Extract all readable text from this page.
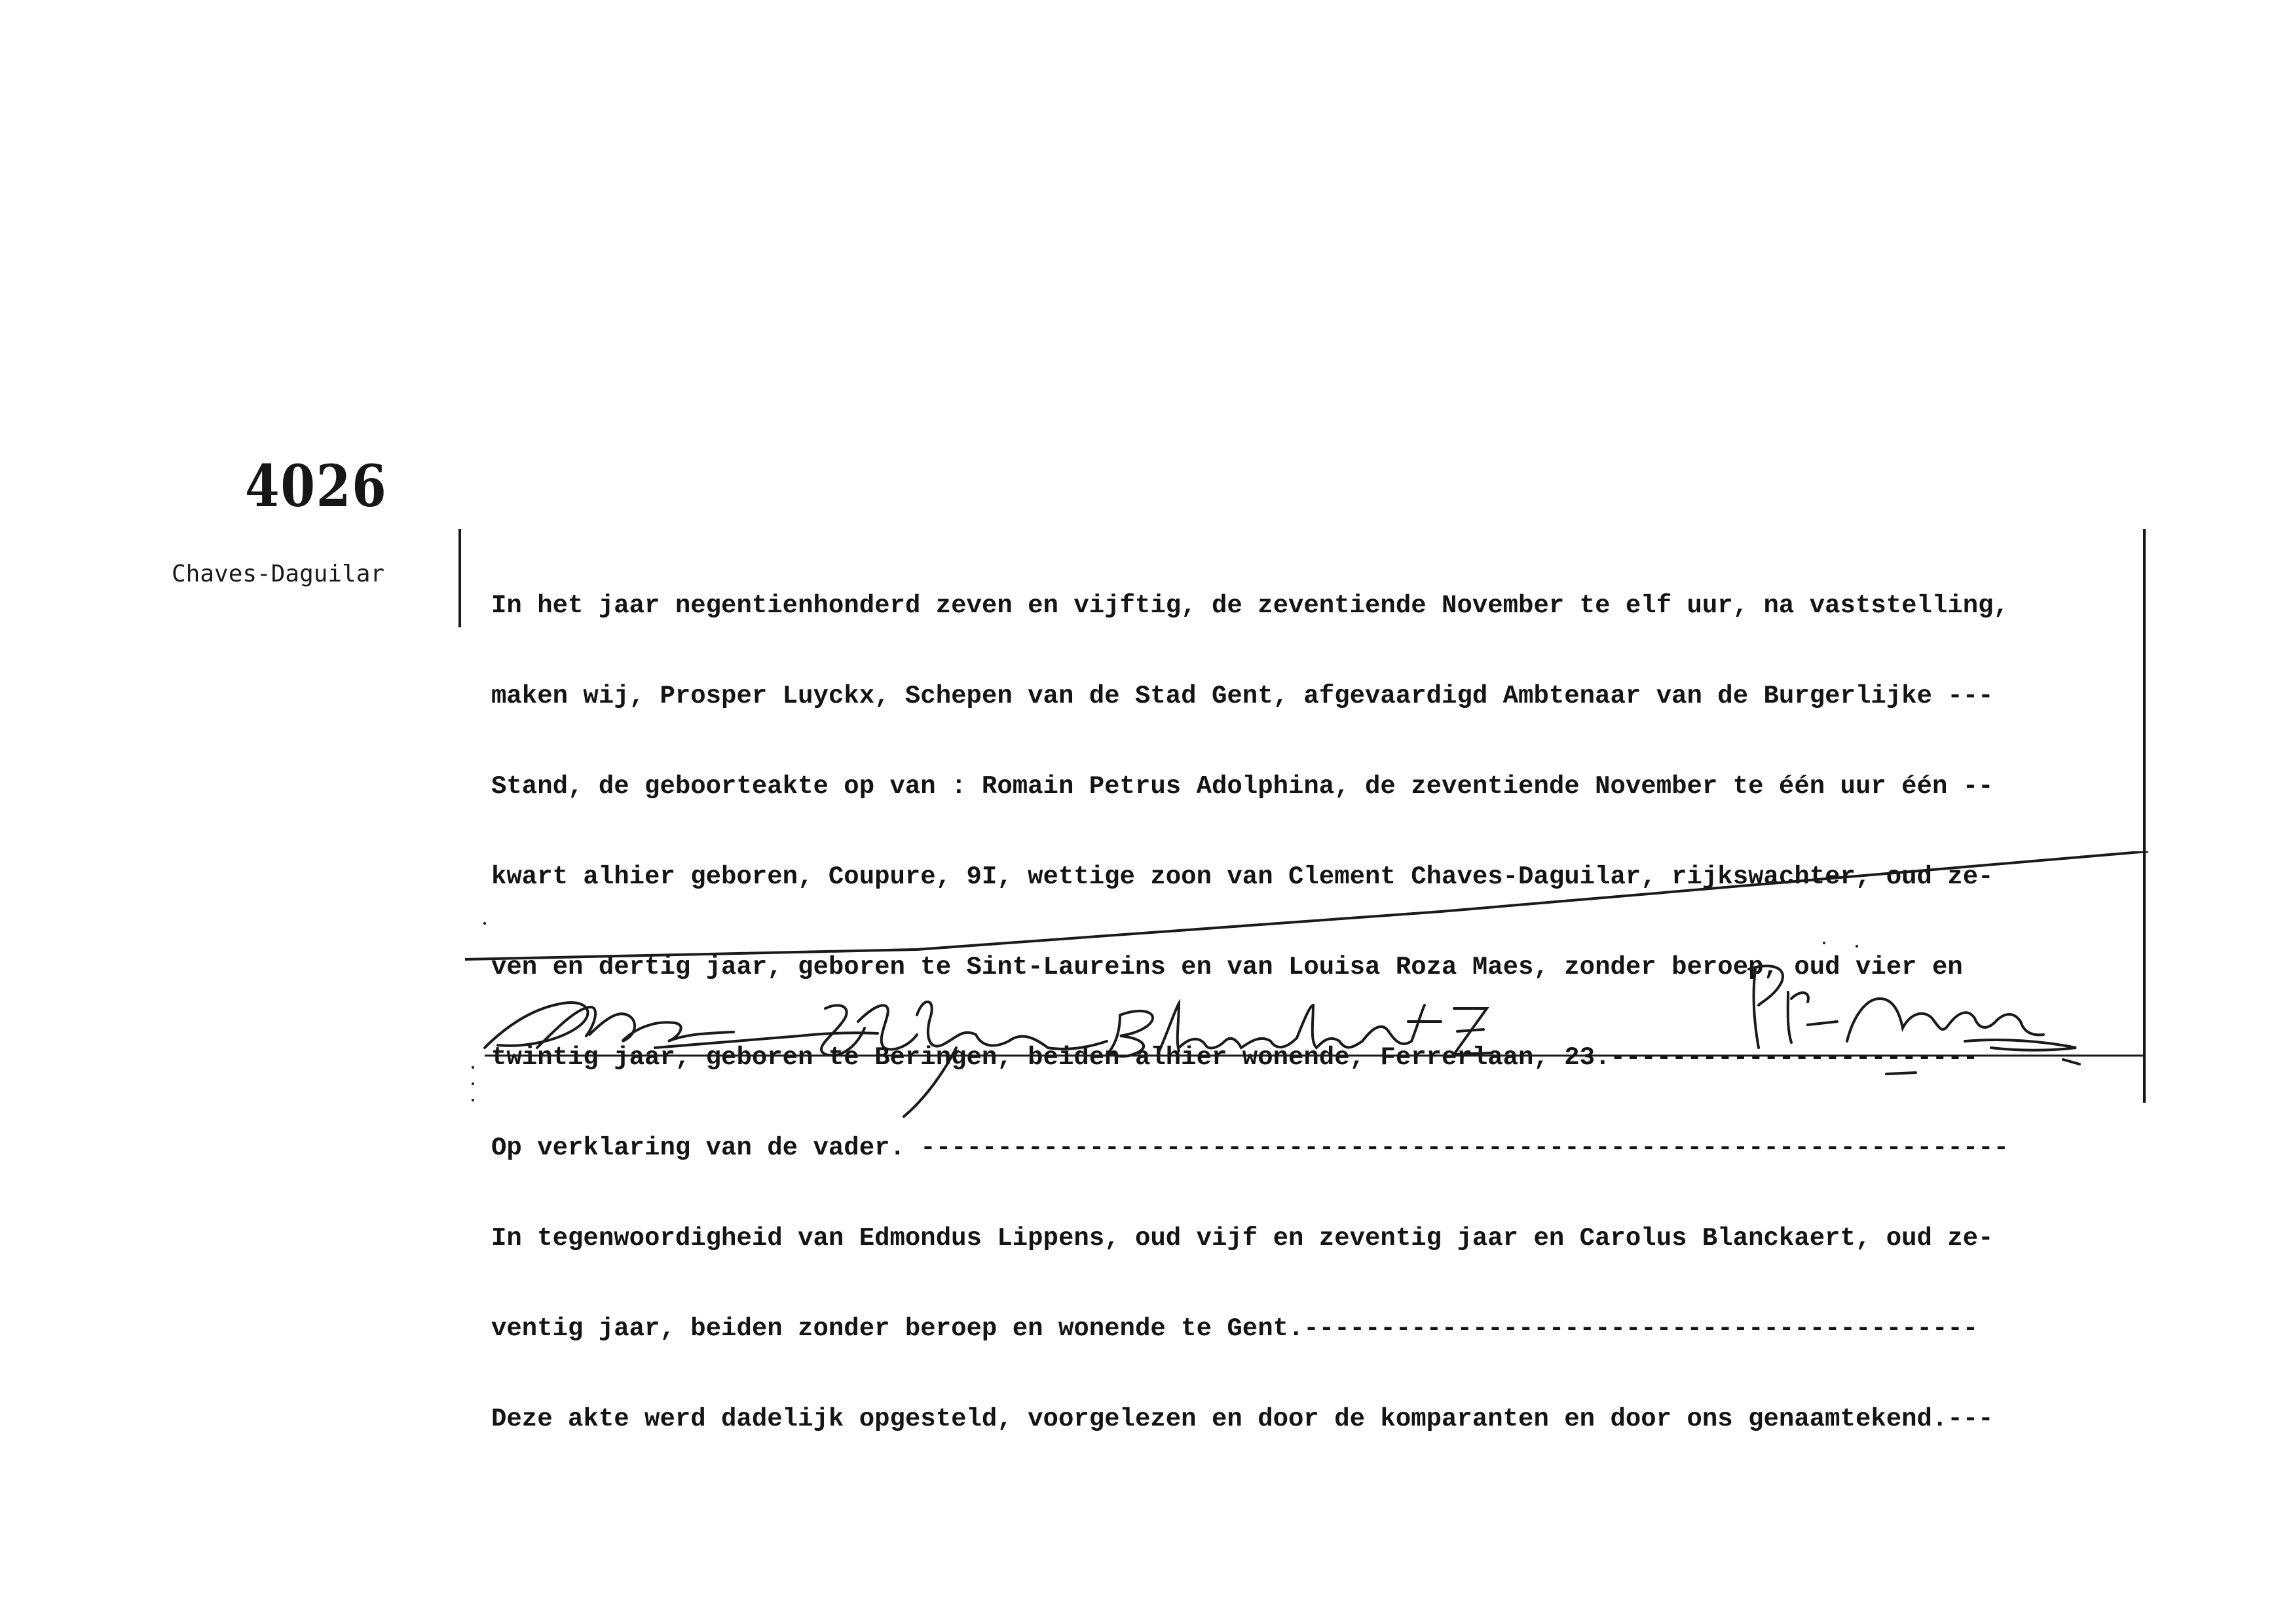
4026
Chaves-Daguilar

In het jaar negentienhonderd zeven en vijftig, de zeventiende November te elf uur, na vaststelling,

maken wij, Prosper Luyckx, Schepen van de Stad Gent, afgevaardigd Ambtenaar van de Burgerlijke ---

Stand, de geboorteakte op van : Romain Petrus Adolphina, de zeventiende November te één uur één --

kwart alhier geboren, Coupure, 9I, wettige zoon van Clement Chaves-Daguilar, rijkswachter, oud ze-

ven en dertig jaar, geboren te Sint-Laureins en van Louisa Roza Maes, zonder beroep, oud vier en

twintig jaar, geboren te Beringen, beiden alhier wonende, Ferrerlaan, 23.------------------------

Op verklaring van de vader. -----------------------------------------------------------------------

In tegenwoordigheid van Edmondus Lippens, oud vijf en zeventig jaar en Carolus Blanckaert, oud ze-

ventig jaar, beiden zonder beroep en wonende te Gent.--------------------------------------------

Deze akte werd dadelijk opgesteld, voorgelezen en door de komparanten en door ons genaamtekend.---
